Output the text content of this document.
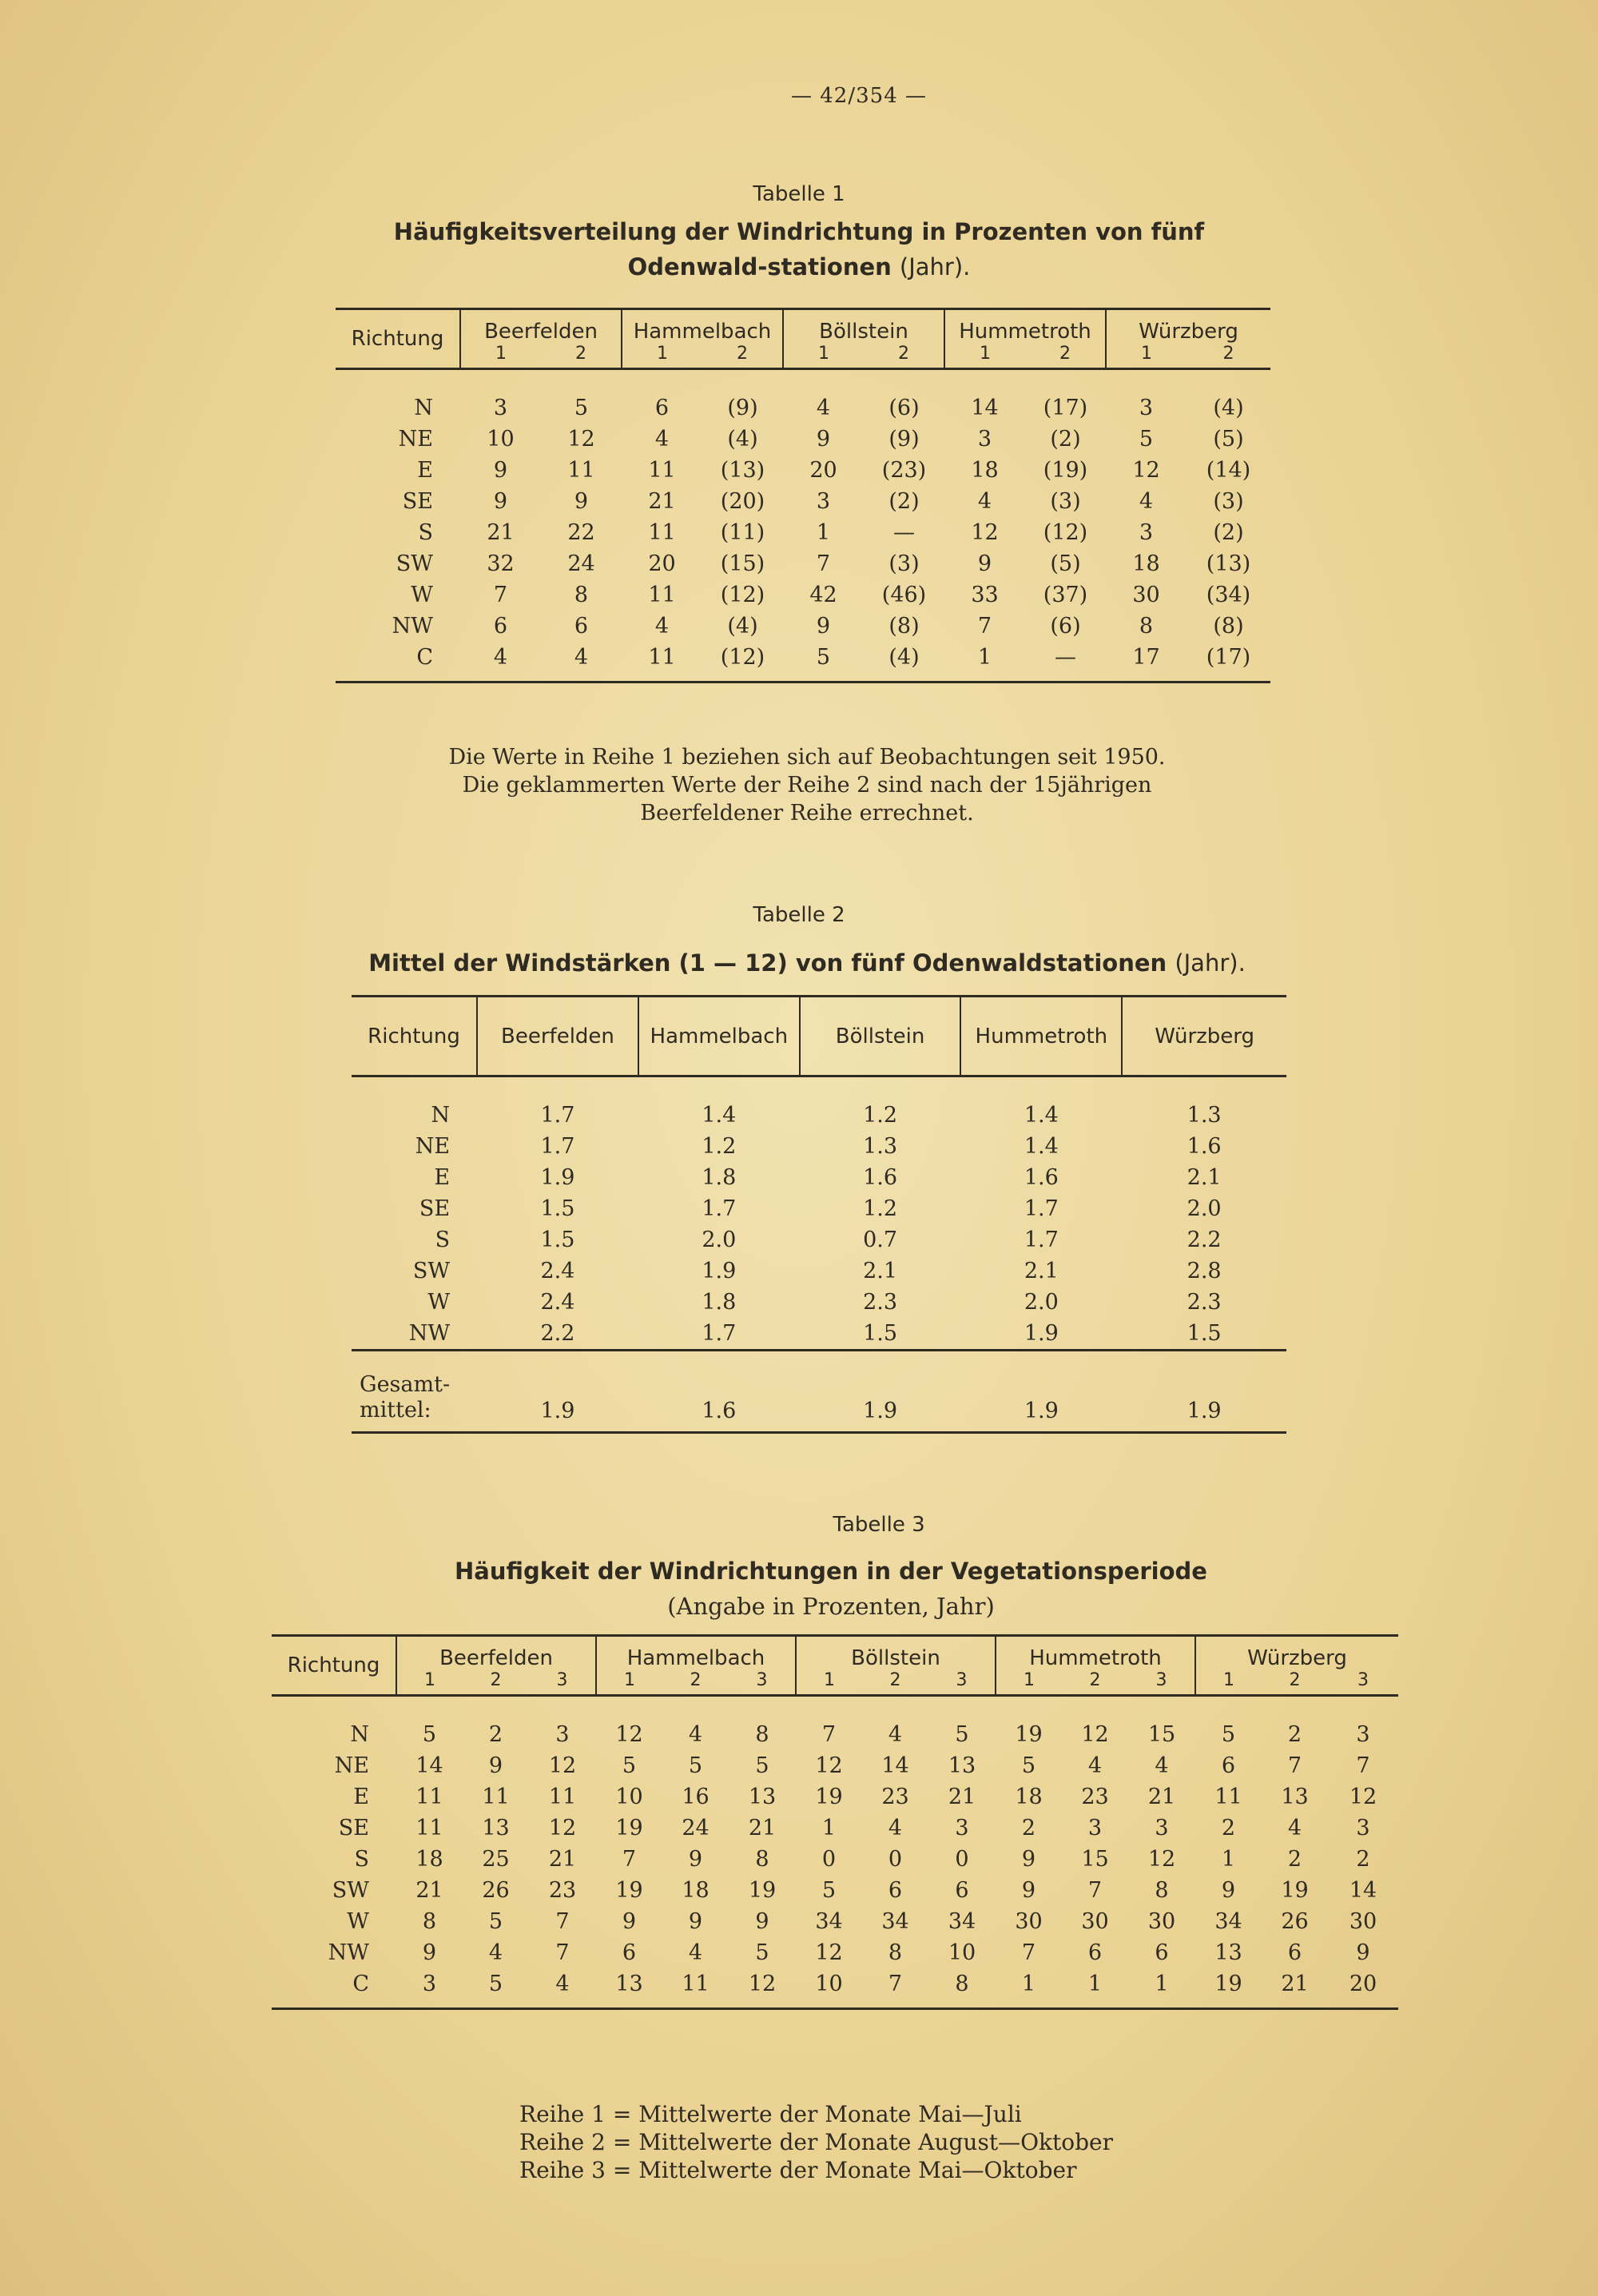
— 42/354 —
Tabelle 1
Häufigkeitsverteilung der Windrichtung in Prozenten von fünf Odenwald-stationen (Jahr).
Richtung	Beerfelden		Hammelbach		Böllstein		Hummetroth		Würzberg	
	1	2	1	2	1	2	1	2	1	2

N	3	5	6	(9)	4	(6)	14	(17)	3	(4)
NE	10	12	4	(4)	9	(9)	3	(2)	5	(5)
E	9	11	11	(13)	20	(23)	18	(19)	12	(14)
SE	9	9	21	(20)	3	(2)	4	(3)	4	(3)
S	21	22	11	(11)	1	—	12	(12)	3	(2)
SW	32	24	20	(15)	7	(3)	9	(5)	18	(13)
W	7	8	11	(12)	42	(46)	33	(37)	30	(34)
NW	6	6	4	(4)	9	(8)	7	(6)	8	(8)
C	4	4	11	(12)	5	(4)	1	—	17	(17)
Die Werte in Reihe 1 beziehen sich auf Beobachtungen seit 1950. Die geklammerten Werte der Reihe 2 sind nach der 15jährigen Beerfeldener Reihe errechnet.
Tabelle 2
Mittel der Windstärken (1 — 12) von fünf Odenwaldstationen (Jahr).
Richtung	Beerfelden	Hammelbach	Böllstein	Hummetroth	Würzberg

N	1.7	1.4	1.2	1.4	1.3
NE	1.7	1.2	1.3	1.4	1.6
E	1.9	1.8	1.6	1.6	2.1
SE	1.5	1.7	1.2	1.7	2.0
S	1.5	2.0	0.7	1.7	2.2
SW	2.4	1.9	2.1	2.1	2.8
W	2.4	1.8	2.3	2.0	2.3
NW	2.2	1.7	1.5	1.9	1.5

Gesamt-
mittel:	1.9	1.6	1.9	1.9	1.9
Tabelle 3
Häufigkeit der Windrichtungen in der Vegetationsperiode
(Angabe in Prozenten, Jahr)
Richtung	Beerfelden			Hammelbach			Böllstein			Hummetroth			Würzberg		
	1	2	3	1	2	3	1	2	3	1	2	3	1	2	3

N	5	2	3	12	4	8	7	4	5	19	12	15	5	2	3
NE	14	9	12	5	5	5	12	14	13	5	4	4	6	7	7
E	11	11	11	10	16	13	19	23	21	18	23	21	11	13	12
SE	11	13	12	19	24	21	1	4	3	2	3	3	2	4	3
S	18	25	21	7	9	8	0	0	0	9	15	12	1	2	2
SW	21	26	23	19	18	19	5	6	6	9	7	8	9	19	14
W	8	5	7	9	9	9	34	34	34	30	30	30	34	26	30
NW	9	4	7	6	4	5	12	8	10	7	6	6	13	6	9
C	3	5	4	13	11	12	10	7	8	1	1	1	19	21	20
Reihe 1 = Mittelwerte der Monate Mai—Juli
Reihe 2 = Mittelwerte der Monate August—Oktober
Reihe 3 = Mittelwerte der Monate Mai—Oktober
